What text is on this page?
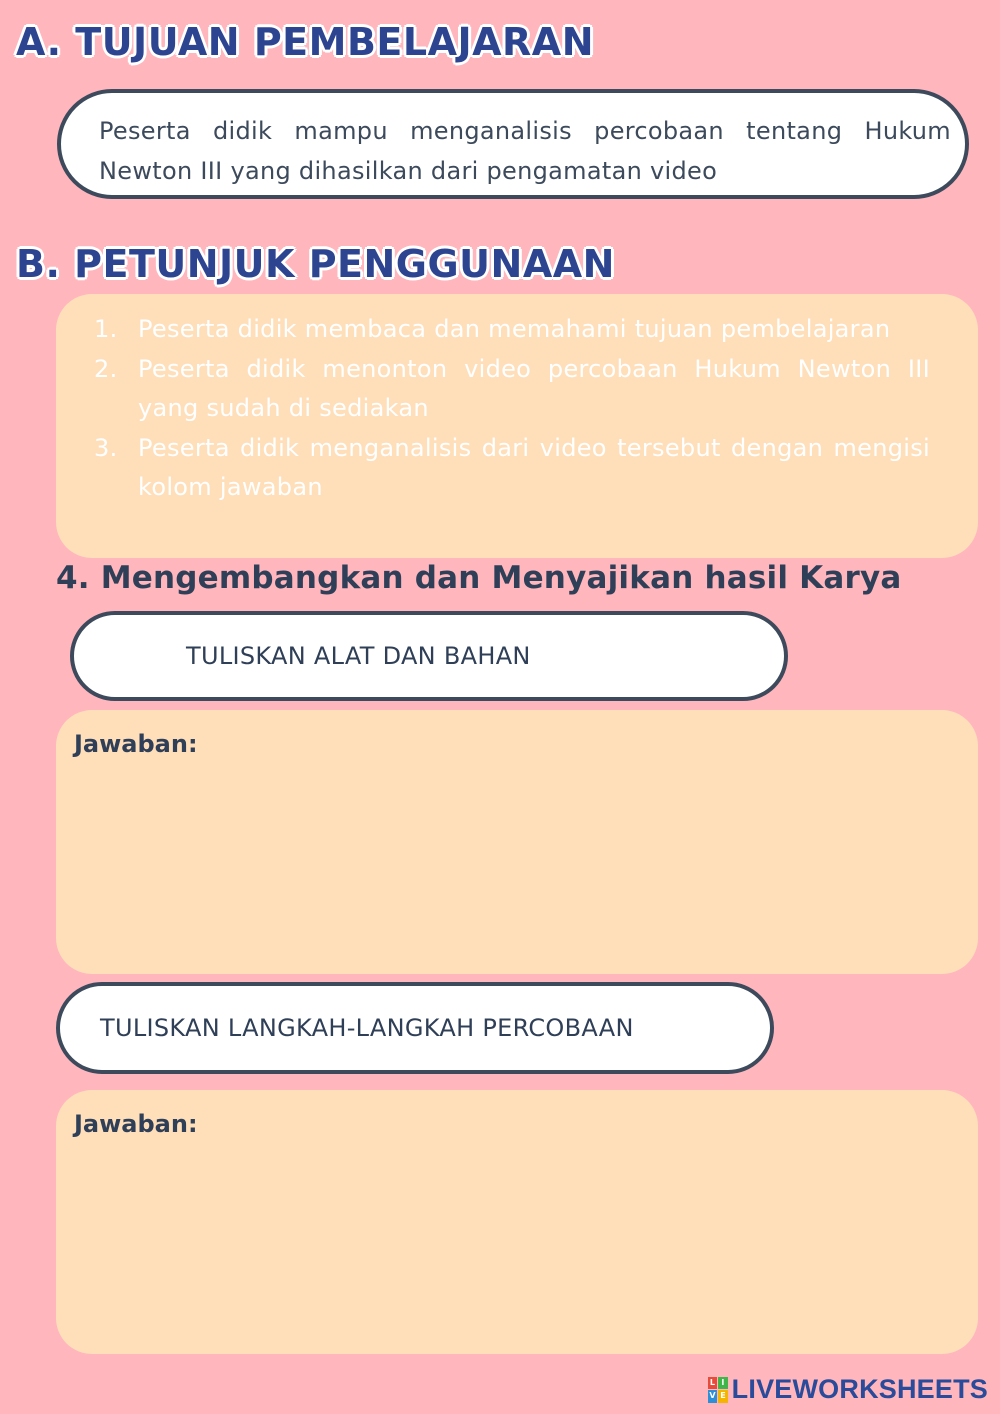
A. TUJUAN PEMBELAJARAN
Peserta didik mampu menganalisis percobaan tentang Hukum Newton III yang dihasilkan dari pengamatan video
B. PETUNJUK PENGGUNAAN
1. Peserta didik membaca dan memahami tujuan pembelajaran
2. Peserta didik menonton video percobaan Hukum Newton III yang sudah di sediakan
3. Peserta didik menganalisis dari video tersebut dengan mengisi kolom jawaban
4. Mengembangkan dan Menyajikan hasil Karya
TULISKAN ALAT DAN BAHAN
Jawaban:
TULISKAN LANGKAH-LANGKAH PERCOBAAN
Jawaban:
L I
V E LIVEWORKSHEETS
